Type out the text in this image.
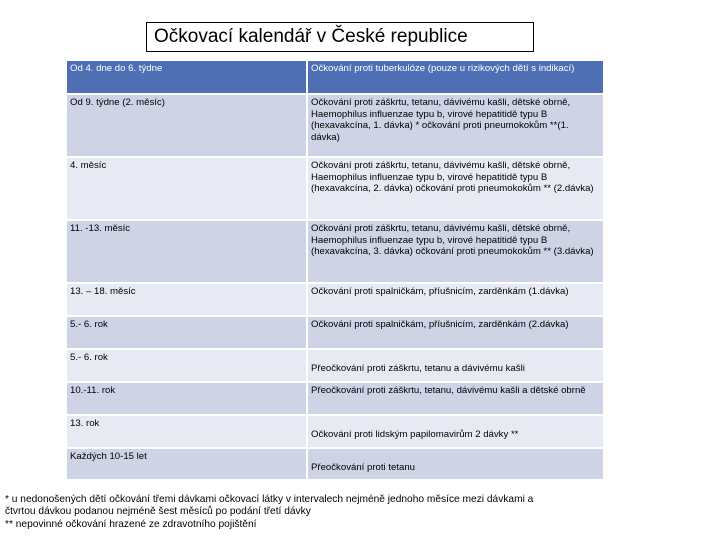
Očkovací kalendář v České republice
Od 4. dne do 6. týdne	Očkování proti tuberkulóze (pouze u rizikových dětí s indikací)
Od 9. týdne (2. měsíc)	Očkování proti záškrtu, tetanu, dávivému kašli, dětské obrně, Haemophilus influenzae typu b, virové hepatitidě typu B (hexavakcína, 1. dávka) * očkování proti pneumokokům **(1. dávka)
4. měsíc	Očkování proti záškrtu, tetanu, dávivému kašli, dětské obrně, Haemophilus influenzae typu b, virové hepatitidě typu B (hexavakcína, 2. dávka) očkování proti pneumokokům ** (2.dávka)
11. -13. měsíc	Očkování proti záškrtu, tetanu, dávivému kašli, dětské obrně, Haemophilus influenzae typu b, virové hepatitidě typu B (hexavakcína, 3. dávka) očkování proti pneumokokům ** (3.dávka)
13. – 18. měsíc	Očkování proti spalničkám, příušnicím, zarděnkám (1.dávka)
5.- 6. rok	Očkování proti spalničkám, příušnicím, zarděnkám (2.dávka)
5.- 6. rok	Přeočkování proti záškrtu, tetanu a dávivému kašli
10.-11. rok	Přeočkování proti záškrtu, tetanu, dávivému kašli a dětské obrně
13. rok	Očkování proti lidským papilomavirům 2 dávky **
Každých 10-15 let	Přeočkování proti tetanu
* u nedonošených dětí očkování třemi dávkami očkovací látky v intervalech nejméně jednoho měsíce mezi dávkami a
čtvrtou dávkou podanou nejméně šest měsíců po podání třetí dávky
** nepovinné očkování hrazené ze zdravotního pojištění
